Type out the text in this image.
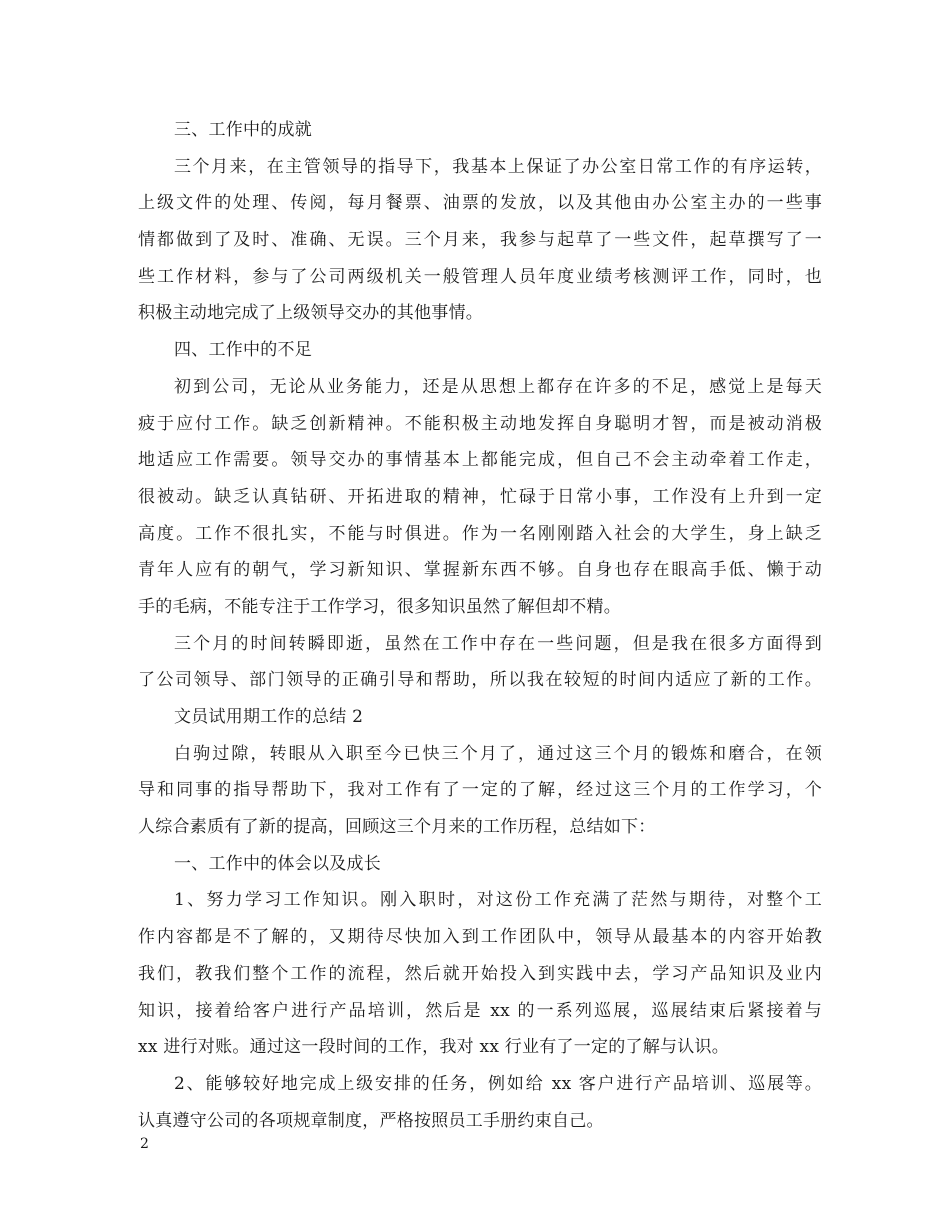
三、工作中的成就
三个月来，在主管领导的指导下，我基本上保证了办公室日常工作的有序运转，
上级文件的处理、传阅，每月餐票、油票的发放，以及其他由办公室主办的一些事
情都做到了及时、准确、无误。三个月来，我参与起草了一些文件，起草撰写了一
些工作材料，参与了公司两级机关一般管理人员年度业绩考核测评工作，同时，也
积极主动地完成了上级领导交办的其他事情。
四、工作中的不足
初到公司，无论从业务能力，还是从思想上都存在许多的不足，感觉上是每天
疲于应付工作。缺乏创新精神。不能积极主动地发挥自身聪明才智，而是被动消极
地适应工作需要。领导交办的事情基本上都能完成，但自己不会主动牵着工作走，
很被动。缺乏认真钻研、开拓进取的精神，忙碌于日常小事，工作没有上升到一定
高度。工作不很扎实，不能与时俱进。作为一名刚刚踏入社会的大学生，身上缺乏
青年人应有的朝气，学习新知识、掌握新东西不够。自身也存在眼高手低、懒于动
手的毛病，不能专注于工作学习，很多知识虽然了解但却不精。
三个月的时间转瞬即逝，虽然在工作中存在一些问题，但是我在很多方面得到
了公司领导、部门领导的正确引导和帮助，所以我在较短的时间内适应了新的工作。
文员试用期工作的总结 2
白驹过隙，转眼从入职至今已快三个月了，通过这三个月的锻炼和磨合，在领
导和同事的指导帮助下，我对工作有了一定的了解，经过这三个月的工作学习，个
人综合素质有了新的提高，回顾这三个月来的工作历程，总结如下：
一、工作中的体会以及成长
1、努力学习工作知识。刚入职时，对这份工作充满了茫然与期待，对整个工
作内容都是不了解的，又期待尽快加入到工作团队中，领导从最基本的内容开始教
我们，教我们整个工作的流程，然后就开始投入到实践中去，学习产品知识及业内
知识，接着给客户进行产品培训，然后是 xx 的一系列巡展，巡展结束后紧接着与
xx 进行对账。通过这一段时间的工作，我对 xx 行业有了一定的了解与认识。
2、能够较好地完成上级安排的任务，例如给 xx 客户进行产品培训、巡展等。
认真遵守公司的各项规章制度，严格按照员工手册约束自己。
2
